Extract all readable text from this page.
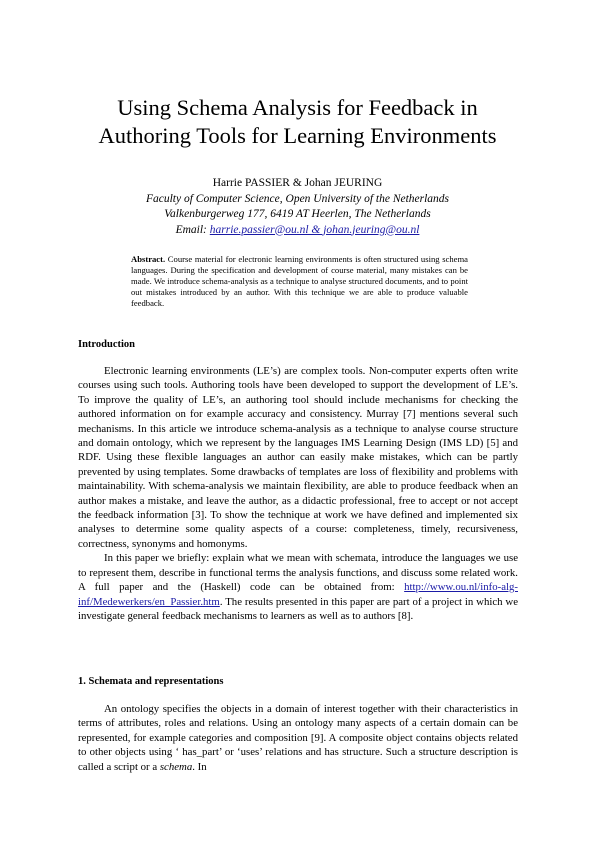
Using Schema Analysis for Feedback in
Authoring Tools for Learning Environments
Harrie PASSIER & Johan JEURING
Faculty of Computer Science, Open University of the Netherlands
Valkenburgerweg 177, 6419 AT Heerlen, The Netherlands
Email: harrie.passier@ou.nl & johan.jeuring@ou.nl
Abstract. Course material for electronic learning environments is often structured using schema languages. During the specification and development of course material, many mistakes can be made. We introduce schema-analysis as a technique to analyse structured documents, and to point out mistakes introduced by an author. With this technique we are able to produce valuable feedback.
Introduction

Electronic learning environments (LE’s) are complex tools. Non-computer experts often write courses using such tools. Authoring tools have been developed to support the development of LE’s. To improve the quality of LE’s, an authoring tool should include mechanisms for checking the authored information on for example accuracy and consistency. Murray [7] mentions several such mechanisms. In this article we introduce schema-analysis as a technique to analyse course structure and domain ontology, which we represent by the languages IMS Learning Design (IMS LD) [5] and RDF. Using these flexible languages an author can easily make mistakes, which can be partly prevented by using templates. Some drawbacks of templates are loss of flexibility and problems with maintainability. With schema-analysis we maintain flexibility, are able to produce feedback when an author makes a mistake, and leave the author, as a didactic professional, free to accept or not accept the feedback information [3]. To show the technique at work we have defined and implemented six analyses to determine some quality aspects of a course: completeness, timely, recursiveness, correctness, synonyms and homonyms.

In this paper we briefly: explain what we mean with schemata, introduce the languages we use to represent them, describe in functional terms the analysis functions, and discuss some related work. A full paper and the (Haskell) code can be obtained from: http://www.ou.nl/info-alg-inf/Medewerkers/en_Passier.htm. The results presented in this paper are part of a project in which we investigate general feedback mechanisms to learners as well as to authors [8].

1. Schemata and representations

An ontology specifies the objects in a domain of interest together with their characteristics in terms of attributes, roles and relations. Using an ontology many aspects of a certain domain can be represented, for example categories and composition [9]. A composite object contains objects related to other objects using ‘ has_part’ or ‘uses’ relations and has structure. Such a structure description is called a script or a schema. In
